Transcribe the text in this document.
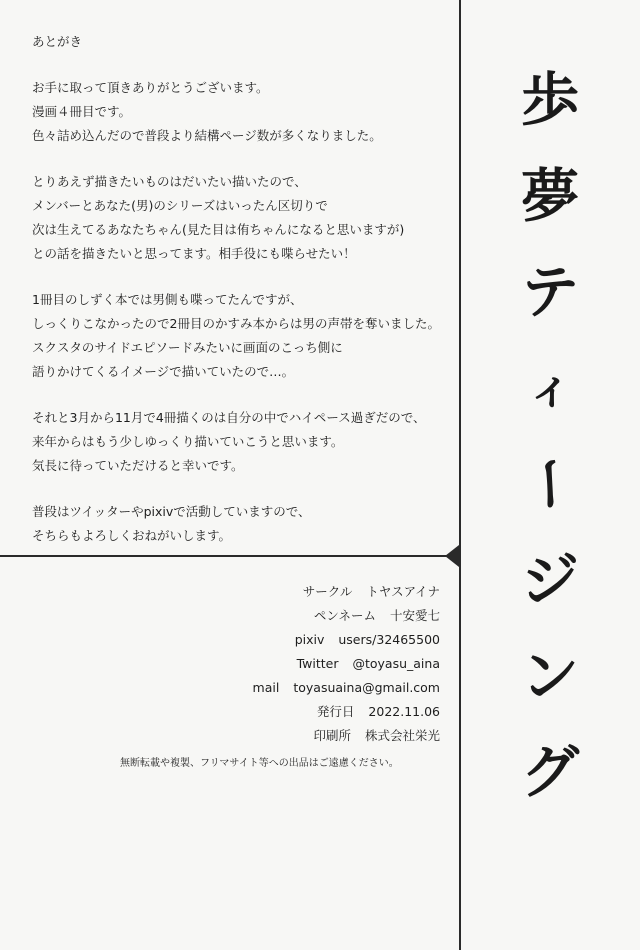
あとがき
お手に取って頂きありがとうございます。
漫画４冊目です。
色々詰め込んだので普段より結構ページ数が多くなりました。
とりあえず描きたいものはだいたい描いたので、
メンバーとあなた(男)のシリーズはいったん区切りで
次は生えてるあなたちゃん(見た目は侑ちゃんになると思いますが)
との話を描きたいと思ってます。相手役にも喋らせたい！
1冊目のしずく本では男側も喋ってたんですが、
しっくりこなかったので2冊目のかすみ本からは男の声帯を奪いました。
スクスタのサイドエピソードみたいに画面のこっち側に
語りかけてくるイメージで描いていたので…。
それと3月から11月で4冊描くのは自分の中でハイペース過ぎだので、
来年からはもう少しゆっくり描いていこうと思います。
気長に待っていただけると幸いです。
普段はツイッターやpixivで活動していますので、
そちらもよろしくおねがいします。
サークル トヤスアイナ
ペンネーム 十安愛七
pixiv users/32465500
Twitter @toyasu_aina
mail toyasuaina@gmail.com
発行日 2022.11.06
印刷所 株式会社栄光
無断転載や複製、フリマサイト等への出品はご遠慮ください。
歩
夢
テ
ィ
ー
ジ
ン
グ
